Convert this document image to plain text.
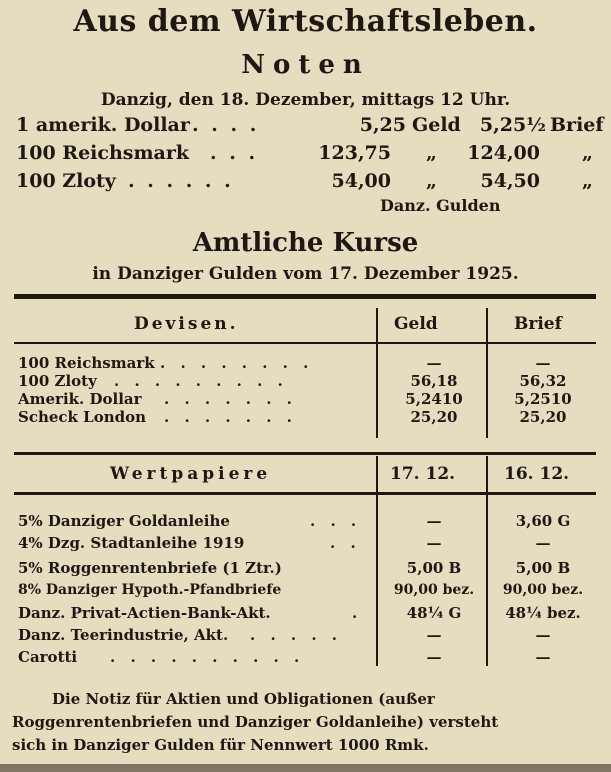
Aus dem Wirtschaftsleben.
Noten
Danzig, den 18. Dezember, mittags 12 Uhr.
1 amerik. Dollar . . . .	5,25 Geld	5,25½ Brief
100 Reichsmark . . .	123,75 „	124,00 „
100 Zloty . . . . . .	54,00 „	54,50 „
Danz. Gulden
Amtliche Kurse
in Danziger Gulden vom 17. Dezember 1925.
Devisen.	Geld	Brief
100 Reichsmark . . . . . . . .	—	—
100 Zloty . . . . . . . . .	56,18	56,32
Amerik. Dollar . . . . . . .	5,2410	5,2510
Scheck London . . . . . . .	25,20	25,20
Wertpapiere	17. 12.	16. 12.
5% Danziger Goldanleihe	. . .	—	3,60 G
4% Dzg. Stadtanleihe 1919	. .	—	—
5% Roggenrentenbriefe (1 Ztr.)	5,00 B	5,00 B
8% Danziger Hypoth.-Pfandbriefe	90,00 bez.	90,00 bez.
Danz. Privat-Actien-Bank-Akt.	.	48¼ G	48¼ bez.
Danz. Teerindustrie, Akt. . . . . .	—	—
Carotti . . . . . . . . . .	—	—
Die Notiz für Aktien und Obligationen (außer
Roggenrentenbriefen und Danziger Goldanleihe) versteht
sich in Danziger Gulden für Nennwert 1000 Rmk.
